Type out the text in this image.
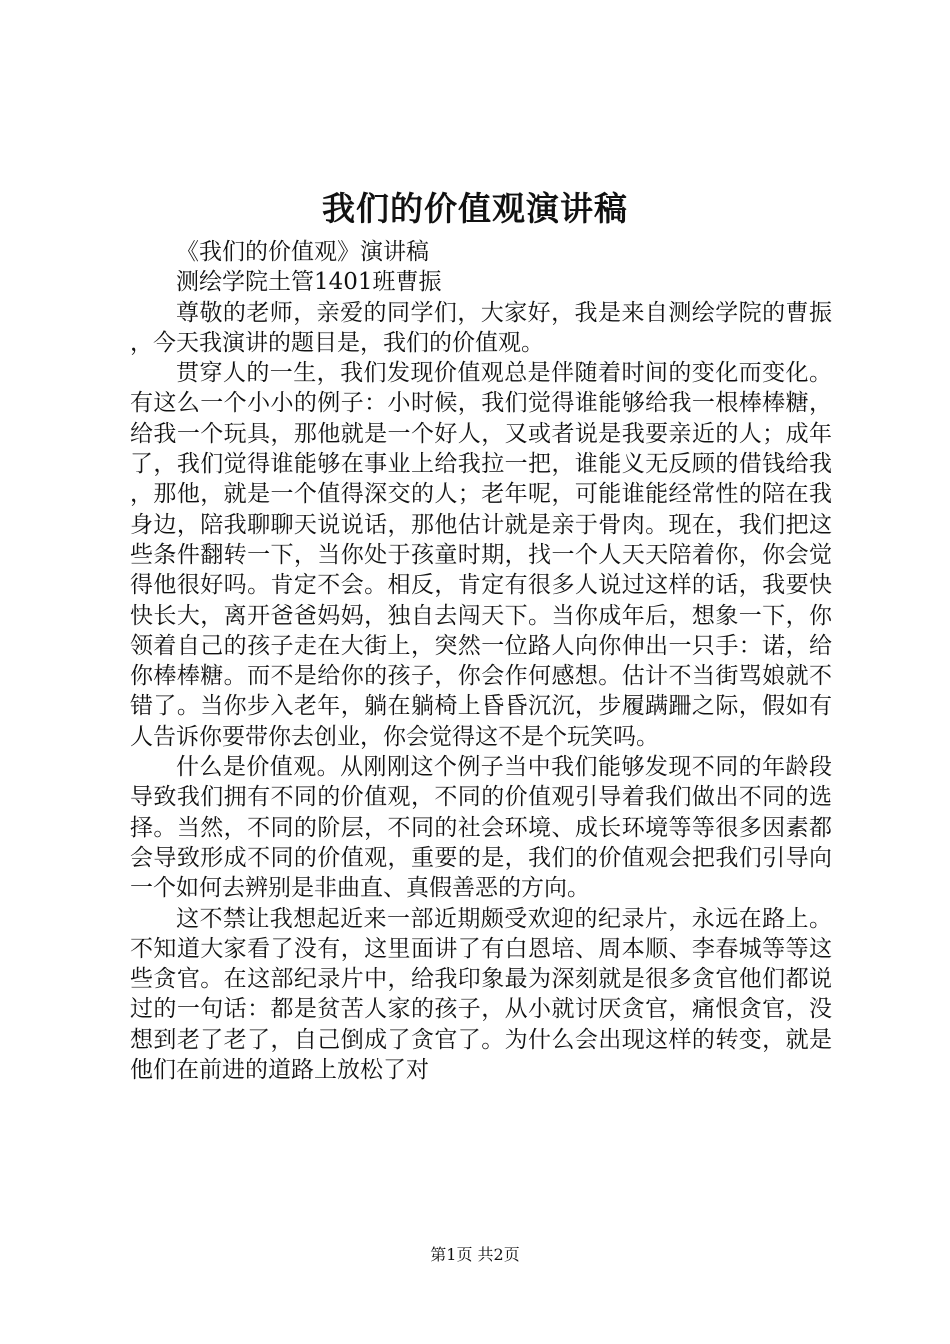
我们的价值观演讲稿

《我们的价值观》演讲稿

测绘学院土管1401班曹振

尊敬的老师，亲爱的同学们，大家好，我是来自测绘学院的曹振，今天我演讲的题目是，我们的价值观。

贯穿人的一生，我们发现价值观总是伴随着时间的变化而变化。有这么一个小小的例子：小时候，我们觉得谁能够给我一根棒棒糖，给我一个玩具，那他就是一个好人，又或者说是我要亲近的人；成年了，我们觉得谁能够在事业上给我拉一把，谁能义无反顾的借钱给我，那他，就是一个值得深交的人；老年呢，可能谁能经常性的陪在我身边，陪我聊聊天说说话，那他估计就是亲于骨肉。现在，我们把这些条件翻转一下，当你处于孩童时期，找一个人天天陪着你，你会觉得他很好吗。肯定不会。相反，肯定有很多人说过这样的话，我要快快长大，离开爸爸妈妈，独自去闯天下。当你成年后，想象一下，你领着自己的孩子走在大街上，突然一位路人向你伸出一只手：诺，给你棒棒糖。而不是给你的孩子，你会作何感想。估计不当街骂娘就不错了。当你步入老年，躺在躺椅上昏昏沉沉，步履蹒跚之际，假如有人告诉你要带你去创业，你会觉得这不是个玩笑吗。

什么是价值观。从刚刚这个例子当中我们能够发现不同的年龄段导致我们拥有不同的价值观，不同的价值观引导着我们做出不同的选择。当然，不同的阶层，不同的社会环境、成长环境等等很多因素都会导致形成不同的价值观，重要的是，我们的价值观会把我们引导向一个如何去辨别是非曲直、真假善恶的方向。

这不禁让我想起近来一部近期颇受欢迎的纪录片，永远在路上。不知道大家看了没有，这里面讲了有白恩培、周本顺、李春城等等这些贪官。在这部纪录片中，给我印象最为深刻就是很多贪官他们都说过的一句话：都是贫苦人家的孩子，从小就讨厌贪官，痛恨贪官，没想到老了老了，自己倒成了贪官了。为什么会出现这样的转变，就是他们在前进的道路上放松了对

第1页 共2页
